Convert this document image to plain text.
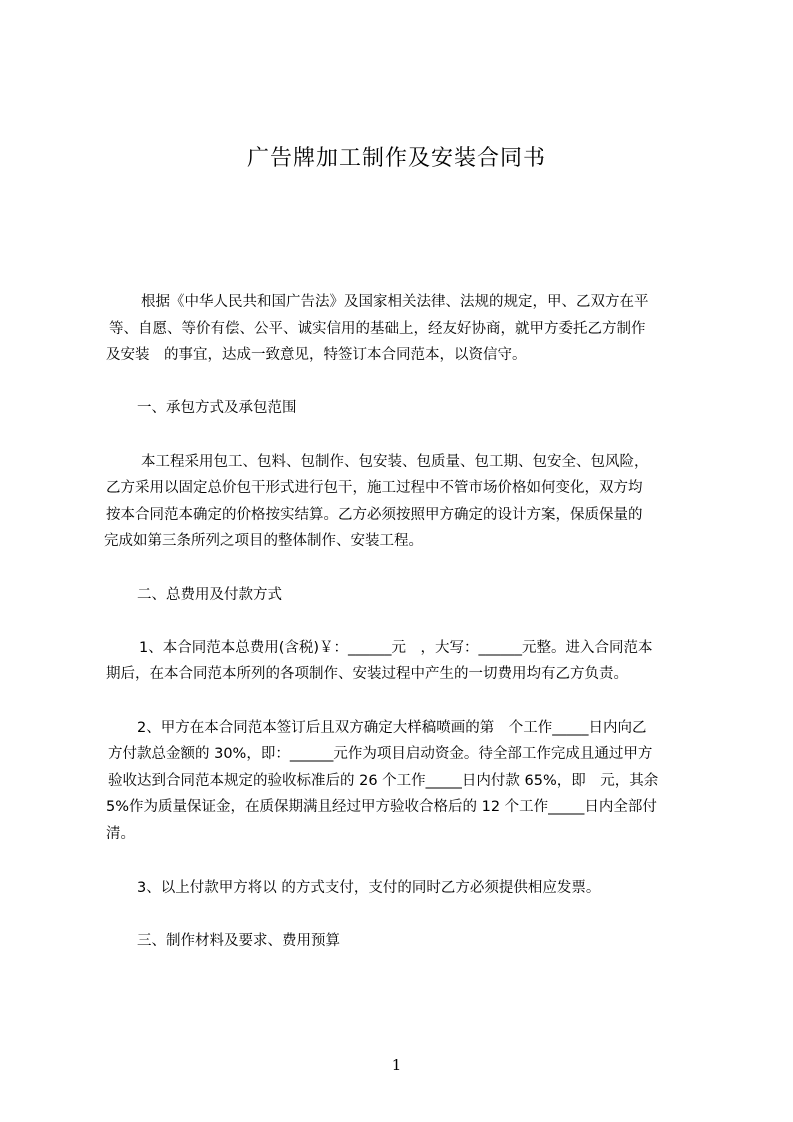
广告牌加工制作及安装合同书
根据《中华人民共和国广告法》及国家相关法律、法规的规定，甲、乙双方在平
等、自愿、等价有偿、公平、诚实信用的基础上，经友好协商，就甲方委托乙方制作
及安装　的事宜，达成一致意见，特签订本合同范本，以资信守。
一、承包方式及承包范围
本工程采用包工、包料、包制作、包安装、包质量、包工期、包安全、包风险，
乙方采用以固定总价包干形式进行包干，施工过程中不管市场价格如何变化，双方均
按本合同范本确定的价格按实结算。乙方必须按照甲方确定的设计方案，保质保量的
完成如第三条所列之项目的整体制作、安装工程。
二、总费用及付款方式
1、本合同范本总费用(含税)￥：______元　，大写：______元整。进入合同范本
期后，在本合同范本所列的各项制作、安装过程中产生的一切费用均有乙方负责。
2、甲方在本合同范本签订后且双方确定大样稿喷画的第　个工作_____日内向乙
方付款总金额的 30%，即：______元作为项目启动资金。待全部工作完成且通过甲方
验收达到合同范本规定的验收标准后的 26 个工作_____日内付款 65%，即　元，其余
5%作为质量保证金，在质保期满且经过甲方验收合格后的 12 个工作_____日内全部付
清。
3、以上付款甲方将以 的方式支付，支付的同时乙方必须提供相应发票。
三、制作材料及要求、费用预算
1
